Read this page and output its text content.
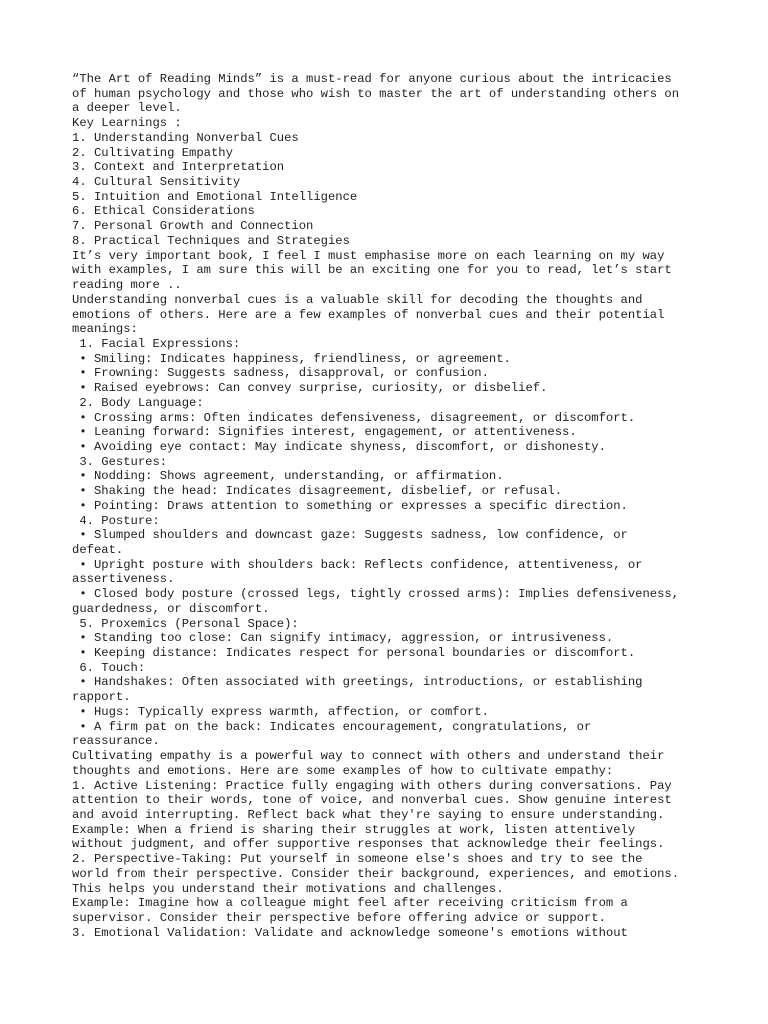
“The Art of Reading Minds” is a must-read for anyone curious about the intricacies
of human psychology and those who wish to master the art of understanding others on
a deeper level.
Key Learnings :
1. Understanding Nonverbal Cues
2. Cultivating Empathy
3. Context and Interpretation
4. Cultural Sensitivity
5. Intuition and Emotional Intelligence
6. Ethical Considerations
7. Personal Growth and Connection
8. Practical Techniques and Strategies
It’s very important book, I feel I must emphasise more on each learning on my way
with examples, I am sure this will be an exciting one for you to read, let’s start
reading more ..
Understanding nonverbal cues is a valuable skill for decoding the thoughts and
emotions of others. Here are a few examples of nonverbal cues and their potential
meanings:
1. Facial Expressions:
• Smiling: Indicates happiness, friendliness, or agreement.
• Frowning: Suggests sadness, disapproval, or confusion.
• Raised eyebrows: Can convey surprise, curiosity, or disbelief.
2. Body Language:
• Crossing arms: Often indicates defensiveness, disagreement, or discomfort.
• Leaning forward: Signifies interest, engagement, or attentiveness.
• Avoiding eye contact: May indicate shyness, discomfort, or dishonesty.
3. Gestures:
• Nodding: Shows agreement, understanding, or affirmation.
• Shaking the head: Indicates disagreement, disbelief, or refusal.
• Pointing: Draws attention to something or expresses a specific direction.
4. Posture:
• Slumped shoulders and downcast gaze: Suggests sadness, low confidence, or
defeat.
• Upright posture with shoulders back: Reflects confidence, attentiveness, or
assertiveness.
• Closed body posture (crossed legs, tightly crossed arms): Implies defensiveness,
guardedness, or discomfort.
5. Proxemics (Personal Space):
• Standing too close: Can signify intimacy, aggression, or intrusiveness.
• Keeping distance: Indicates respect for personal boundaries or discomfort.
6. Touch:
• Handshakes: Often associated with greetings, introductions, or establishing
rapport.
• Hugs: Typically express warmth, affection, or comfort.
• A firm pat on the back: Indicates encouragement, congratulations, or
reassurance.
Cultivating empathy is a powerful way to connect with others and understand their
thoughts and emotions. Here are some examples of how to cultivate empathy:
1. Active Listening: Practice fully engaging with others during conversations. Pay
attention to their words, tone of voice, and nonverbal cues. Show genuine interest
and avoid interrupting. Reflect back what they're saying to ensure understanding.
Example: When a friend is sharing their struggles at work, listen attentively
without judgment, and offer supportive responses that acknowledge their feelings.
2. Perspective-Taking: Put yourself in someone else's shoes and try to see the
world from their perspective. Consider their background, experiences, and emotions.
This helps you understand their motivations and challenges.
Example: Imagine how a colleague might feel after receiving criticism from a
supervisor. Consider their perspective before offering advice or support.
3. Emotional Validation: Validate and acknowledge someone's emotions without
